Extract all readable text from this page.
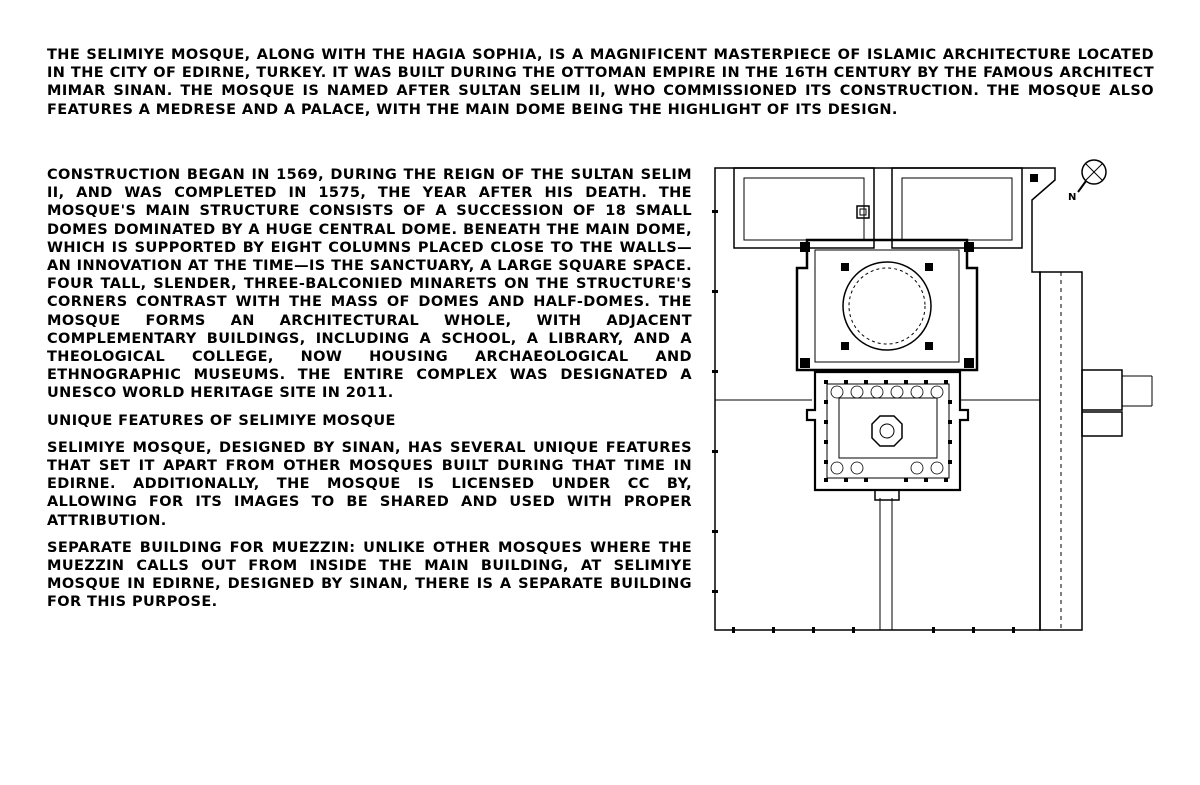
THE SELIMIYE MOSQUE, ALONG WITH THE HAGIA SOPHIA, IS A MAGNIFICENT MASTERPIECE OF ISLAMIC ARCHITECTURE LOCATED IN THE CITY OF EDIRNE, TURKEY. IT WAS BUILT DURING THE OTTOMAN EMPIRE IN THE 16TH CENTURY BY THE FAMOUS ARCHITECT MIMAR SINAN. THE MOSQUE IS NAMED AFTER SULTAN SELIM II, WHO COMMISSIONED ITS CONSTRUCTION. THE MOSQUE ALSO FEATURES A MEDRESE AND A PALACE, WITH THE MAIN DOME BEING THE HIGHLIGHT OF ITS DESIGN.

CONSTRUCTION BEGAN IN 1569, DURING THE REIGN OF THE SULTAN SELIM II, AND WAS COMPLETED IN 1575, THE YEAR AFTER HIS DEATH. THE MOSQUE'S MAIN STRUCTURE CONSISTS OF A SUCCESSION OF 18 SMALL DOMES DOMINATED BY A HUGE CENTRAL DOME. BENEATH THE MAIN DOME, WHICH IS SUPPORTED BY EIGHT COLUMNS PLACED CLOSE TO THE WALLS—AN INNOVATION AT THE TIME—IS THE SANCTUARY, A LARGE SQUARE SPACE. FOUR TALL, SLENDER, THREE-BALCONIED MINARETS ON THE STRUCTURE'S CORNERS CONTRAST WITH THE MASS OF DOMES AND HALF-DOMES. THE MOSQUE FORMS AN ARCHITECTURAL WHOLE, WITH ADJACENT COMPLEMENTARY BUILDINGS, INCLUDING A SCHOOL, A LIBRARY, AND A THEOLOGICAL COLLEGE, NOW HOUSING ARCHAEOLOGICAL AND ETHNOGRAPHIC MUSEUMS. THE ENTIRE COMPLEX WAS DESIGNATED A UNESCO WORLD HERITAGE SITE IN 2011.

UNIQUE FEATURES OF SELIMIYE MOSQUE

SELIMIYE MOSQUE, DESIGNED BY SINAN, HAS SEVERAL UNIQUE FEATURES THAT SET IT APART FROM OTHER MOSQUES BUILT DURING THAT TIME IN EDIRNE. ADDITIONALLY, THE MOSQUE IS LICENSED UNDER CC BY, ALLOWING FOR ITS IMAGES TO BE SHARED AND USED WITH PROPER ATTRIBUTION.

SEPARATE BUILDING FOR MUEZZIN: UNLIKE OTHER MOSQUES WHERE THE MUEZZIN CALLS OUT FROM INSIDE THE MAIN BUILDING, AT SELIMIYE MOSQUE IN EDIRNE, DESIGNED BY SINAN, THERE IS A SEPARATE BUILDING FOR THIS PURPOSE.

N
